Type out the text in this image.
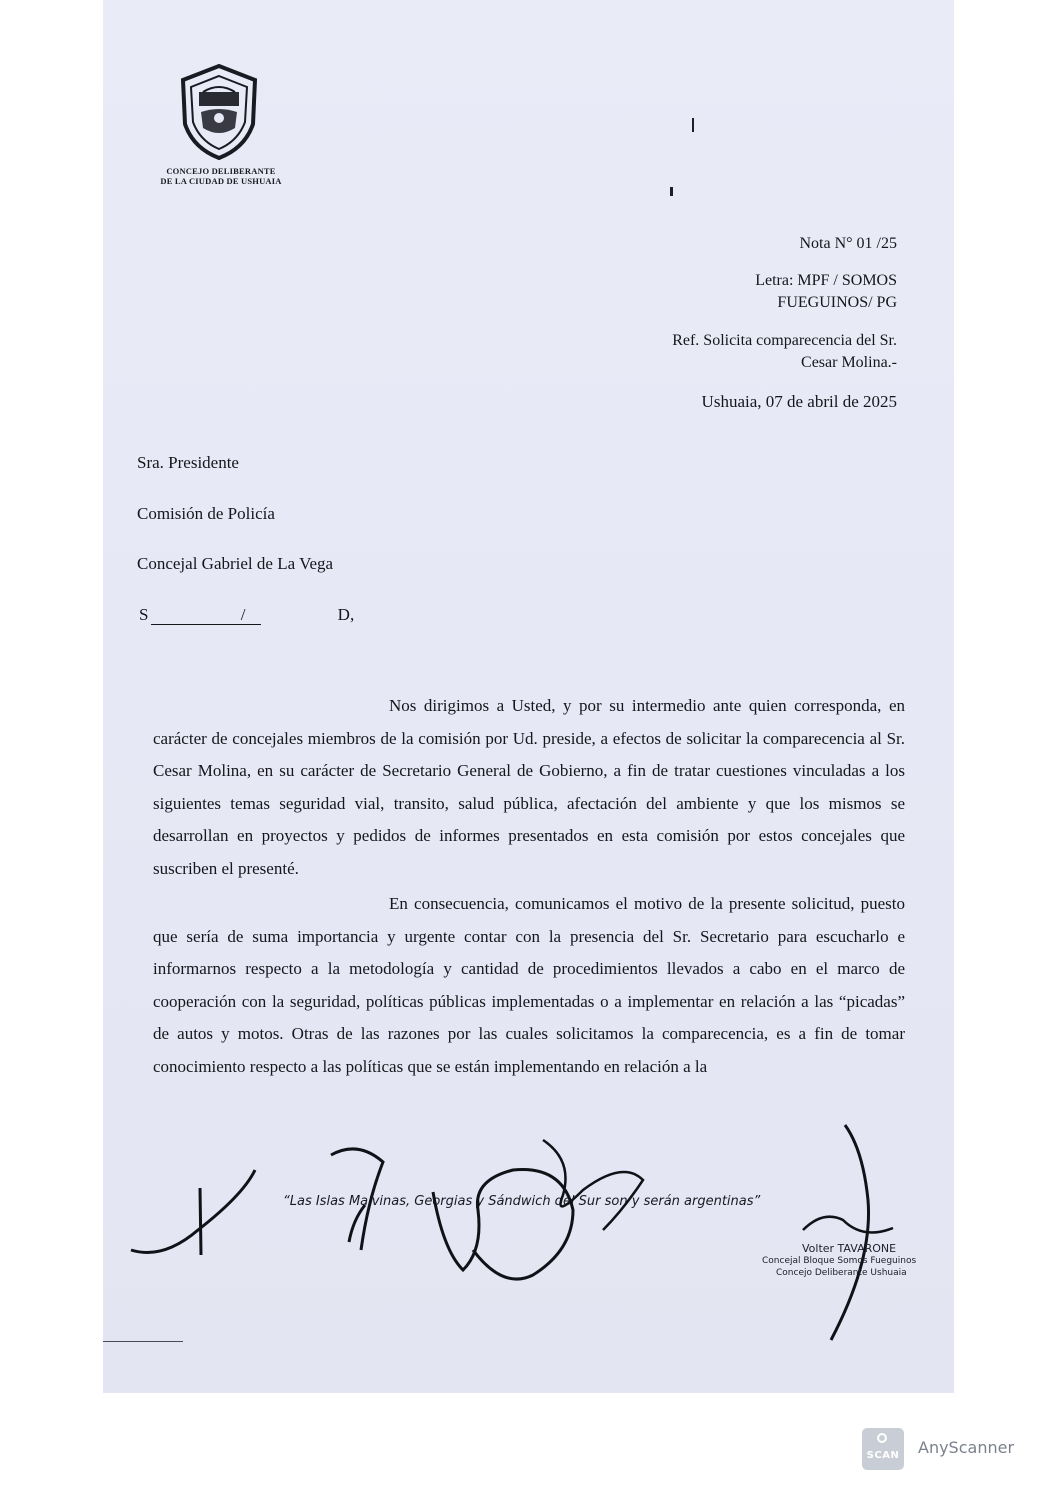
CONCEJO DELIBERANTE
DE LA CIUDAD DE USHUAIA
Nota N° 01 /25
Letra: MPF / SOMOS
FUEGUINOS/ PG
Ref. Solicita comparecencia del Sr.
Cesar Molina.-
Ushuaia, 07 de abril de 2025
Sra. Presidente
Comisión de Policía
Concejal Gabriel de La Vega
S / D,

Nos dirigimos a Usted, y por su intermedio ante quien corresponda, en carácter de concejales miembros de la comisión por Ud. preside, a efectos de solicitar la comparecencia al Sr. Cesar Molina, en su carácter de Secretario General de Gobierno, a fin de tratar cuestiones vinculadas a los siguientes temas seguridad vial, transito, salud pública, afectación del ambiente y que los mismos se desarrollan en proyectos y pedidos de informes presentados en esta comisión por estos concejales que suscriben el presenté.

En consecuencia, comunicamos el motivo de la presente solicitud, puesto que sería de suma importancia y urgente contar con la presencia del Sr. Secretario para escucharlo e informarnos respecto a la metodología y cantidad de procedimientos llevados a cabo en el marco de cooperación con la seguridad, políticas públicas implementadas o a implementar en relación a las “picadas” de autos y motos. Otras de las razones por las cuales solicitamos la comparecencia, es a fin de tomar conocimiento respecto a las políticas que se están implementando en relación a la

“Las Islas Malvinas, Georgias y Sándwich del Sur son y serán argentinas”
Volter TAVARONE
Concejal Bloque Somos Fueguinos
Concejo Deliberante Ushuaia
SCAN AnyScanner
